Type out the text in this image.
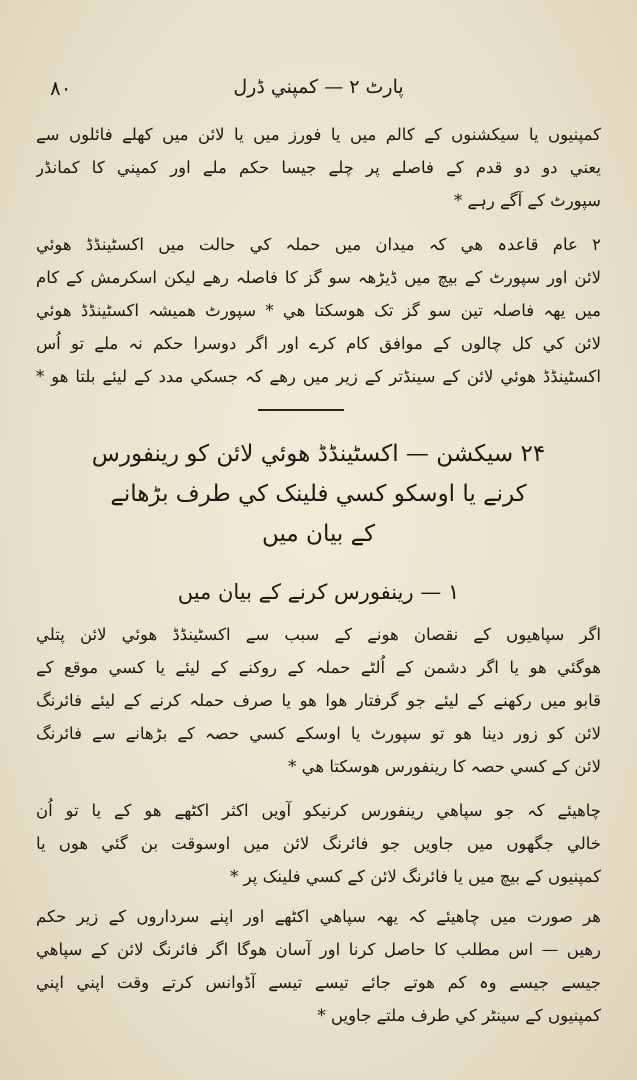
۸۰	پارٹ ۲ — کمپني ڈرل
کمپنيوں يا سيکشنوں کے کالم ميں يا فورز ميں يا لائن ميں کھلے فائلوں سے
يعني دو دو قدم کے فاصلے پر چلے جيسا حکم ملے اور کمپني کا کمانڈر
سپورٹ کے آگے رہے *
۲ عام قاعدہ هي کہ ميدان ميں حملہ کي حالت ميں اکسٹينڈڈ هوئي
لائن اور سپورٹ کے بيچ ميں ڈيڑھہ سو گز کا فاصلہ رهے ليکن اسکرمش کے کام
ميں يهہ فاصلہ تين سو گز تک هوسکتا هي * سپورٹ هميشہ اکسٹينڈڈ هوئي
لائن کي کل چالوں کے موافق کام کرے اور اگر دوسرا حکم نہ ملے تو اُس
اکسٹينڈڈ هوئي لائن کے سينڈتر کے زير ميں رهے کہ جسکي مدد کے ليئے بلتا هو *
۲۴ سيکشن — اکسٹينڈڈ هوئي لائن کو رينفورس
کرنے يا اوسکو کسي فلينک کي طرف بڑھانے
کے بيان ميں
۱ — رينفورس کرنے کے بيان ميں
اگر سپاهيوں کے نقصان هونے کے سبب سے اکسٹينڈڈ هوئي لائن پتلي
هوگئي هو يا اگر دشمن کے اُلٹے حملہ کے روکنے کے ليئے يا کسي موقع کے
قابو ميں رکھنے کے ليئے جو گرفتار هوا هو يا صرف حملہ کرنے کے ليئے فائرنگ
لائن کو زور دينا هو تو سپورٹ يا اوسکے کسي حصہ کے بڑھانے سے فائرنگ
لائن کے کسي حصہ کا رينفورس هوسکتا هي *
چاهيئے کہ جو سپاهي رينفورس کرنيکو آويں اکثر اکٹھے هو کے يا تو اُن
خالي جگهوں ميں جاويں جو فائرنگ لائن ميں اوسوقت بن گئي هوں يا
کمپنيوں کے بيچ ميں يا فائرنگ لائن کے کسي فلينک پر *
هر صورت ميں چاهيئے کہ يهہ سپاهي اکٹھے اور اپنے سرداروں کے زير حکم
رهيں — اس مطلب کا حاصل کرنا اور آسان هوگا اگر فائرنگ لائن کے سپاهي
جيسے جيسے وہ کم هوتے جائے تيسے تيسے آڈوانس کرتے وقت اپني اپني
کمپنيوں کے سينٹر کي طرف ملتے جاويں *
